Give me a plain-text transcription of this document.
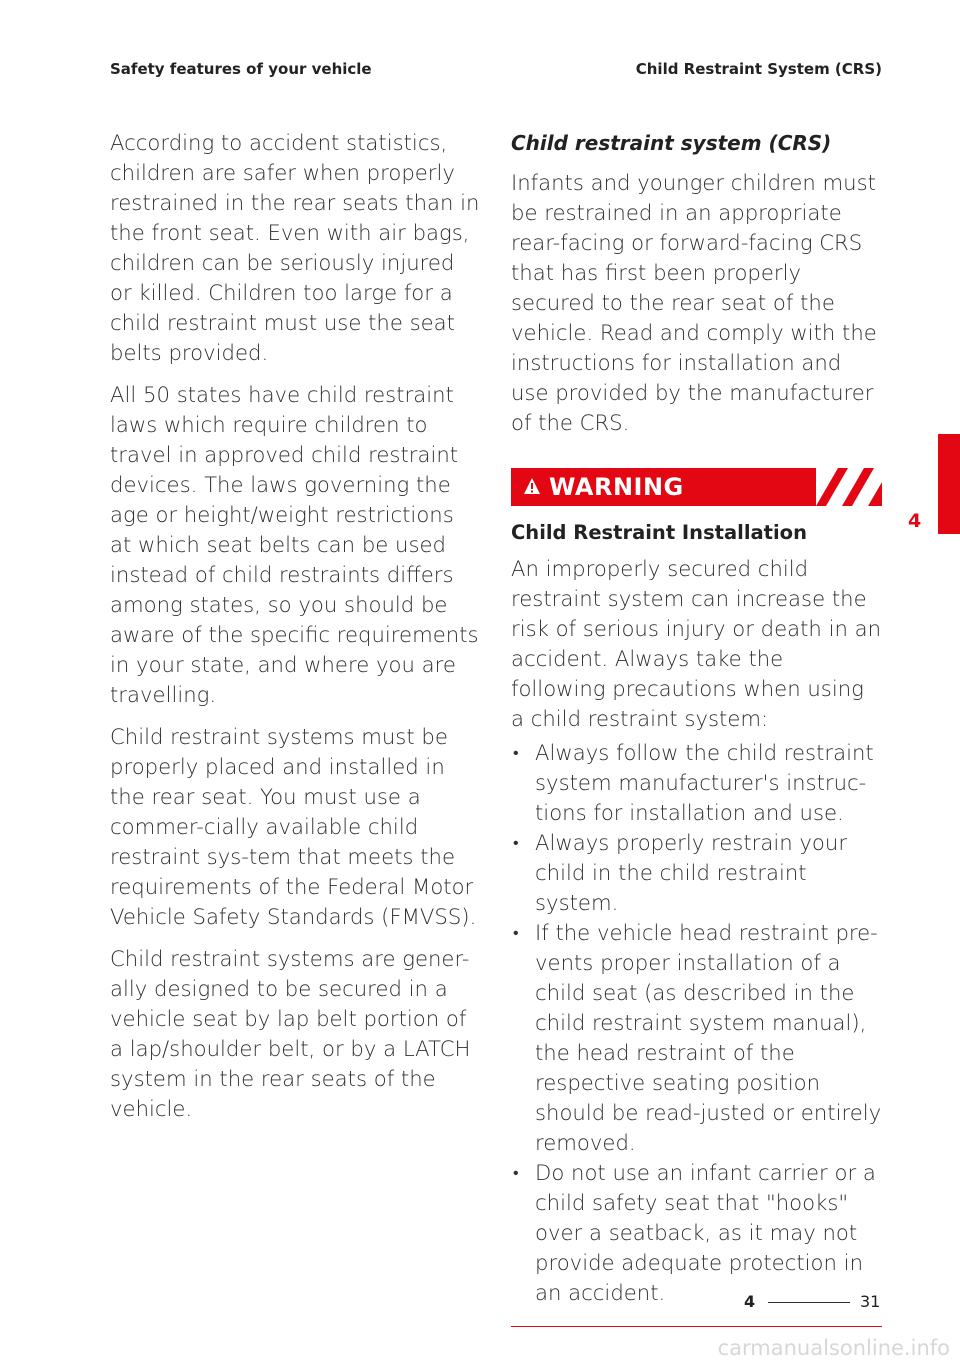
Safety features of your vehicle	Child Restraint System (CRS)

According to accident statistics, children are safer when properly restrained in the rear seats than in the front seat. Even with air bags, children can be seriously injured or killed. Children too large for a child restraint must use the seat belts provided.

All 50 states have child restraint laws which require children to travel in approved child restraint devices. The laws governing the age or height/weight restrictions at which seat belts can be used instead of child restraints differs among states, so you should be aware of the specific requirements in your state, and where you are travelling.

Child restraint systems must be properly placed and installed in the rear seat. You must use a commer-cially available child restraint sys-tem that meets the requirements of the Federal Motor Vehicle Safety Standards (FMVSS).

Child restraint systems are gener-ally designed to be secured in a vehicle seat by lap belt portion of a lap/shoulder belt, or by a LATCH system in the rear seats of the vehicle.

Child restraint system (CRS)

Infants and younger children must be restrained in an appropriate rear-facing or forward-facing CRS that has first been properly secured to the rear seat of the vehicle. Read and comply with the instructions for installation and use provided by the manufacturer of the CRS.

WARNING
Child Restraint Installation

An improperly secured child restraint system can increase the risk of serious injury or death in an accident. Always take the following precautions when using a child restraint system:

• Always follow the child restraint system manufacturer's instruc-tions for installation and use.
• Always properly restrain your child in the child restraint system.
• If the vehicle head restraint pre-vents proper installation of a child seat (as described in the child restraint system manual), the head restraint of the respective seating position should be read-justed or entirely removed.
• Do not use an infant carrier or a child safety seat that "hooks" over a seatback, as it may not provide adequate protection in an accident.
4
4	31
carmanualsonline.info
